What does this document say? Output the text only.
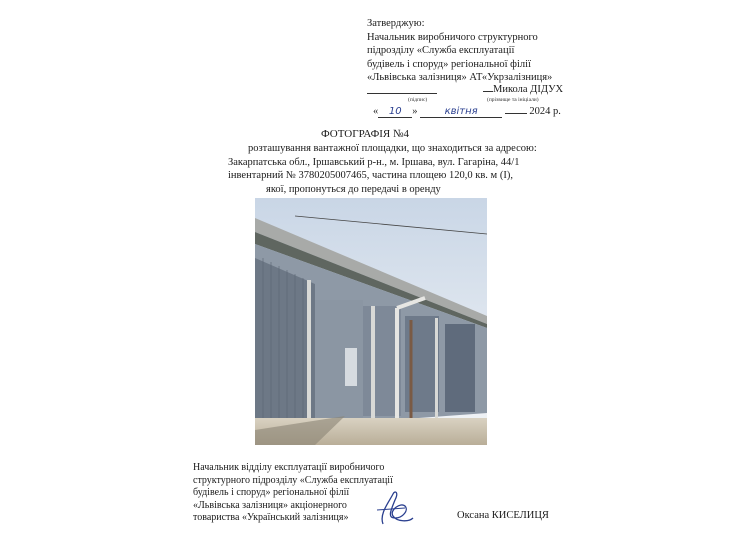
Затверджую:
Начальник виробничого структурного
підрозділу «Служба експлуатації
будівель і споруд» регіональної філії
«Львівська залізниця» АТ«Укрзалізниця»
Микола ДІДУХ
(підпис)	(прізвище та ініціали)
« 10 »	квітня	2024 р.
ФОТОГРАФІЯ №4
розташування вантажної площадки, що знаходиться за адресою:
Закарпатська обл., Іршавський р-н., м. Іршава, вул. Гагаріна, 44/1
інвентарний № 3780205007465, частина площею 120,0 кв. м (І),
якої, пропонуться до передачі в оренду
Начальник відділу експлуатації виробничого
структурного підрозділу «Служба експлуатації
будівель і споруд» регіональної філії
«Львівська залізниця» акціонерного
товариства «Український залізниця»	Оксана КИСЕЛИЦЯ
